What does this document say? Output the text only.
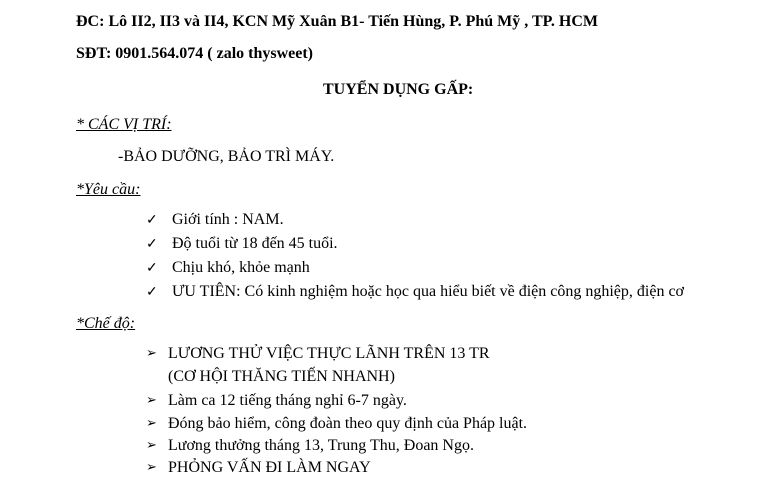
ĐC: Lô II2, II3 và II4, KCN Mỹ Xuân B1- Tiến Hùng, P. Phú Mỹ , TP. HCM
SĐT: 0901.564.074 ( zalo thysweet)
TUYỂN DỤNG GẤP:
* CÁC VỊ TRÍ:
-BẢO DƯỠNG, BẢO TRÌ MÁY.
*Yêu cầu:
✓ Giới tính : NAM.
✓ Độ tuổi từ 18 đến 45 tuổi.
✓ Chịu khó, khỏe mạnh
✓ ƯU TIÊN: Có kinh nghiệm hoặc học qua hiểu biết về điện công nghiệp, điện cơ
*Chế độ:
➢ LƯƠNG THỬ VIỆC THỰC LÃNH TRÊN 13 TR
(CƠ HỘI THĂNG TIẾN NHANH)
➢ Làm ca 12 tiếng tháng nghỉ 6-7 ngày.
➢ Đóng bảo hiểm, công đoàn theo quy định của Pháp luật.
➢ Lương thưởng tháng 13, Trung Thu, Đoan Ngọ.
➢ PHỎNG VẤN ĐI LÀM NGAY
